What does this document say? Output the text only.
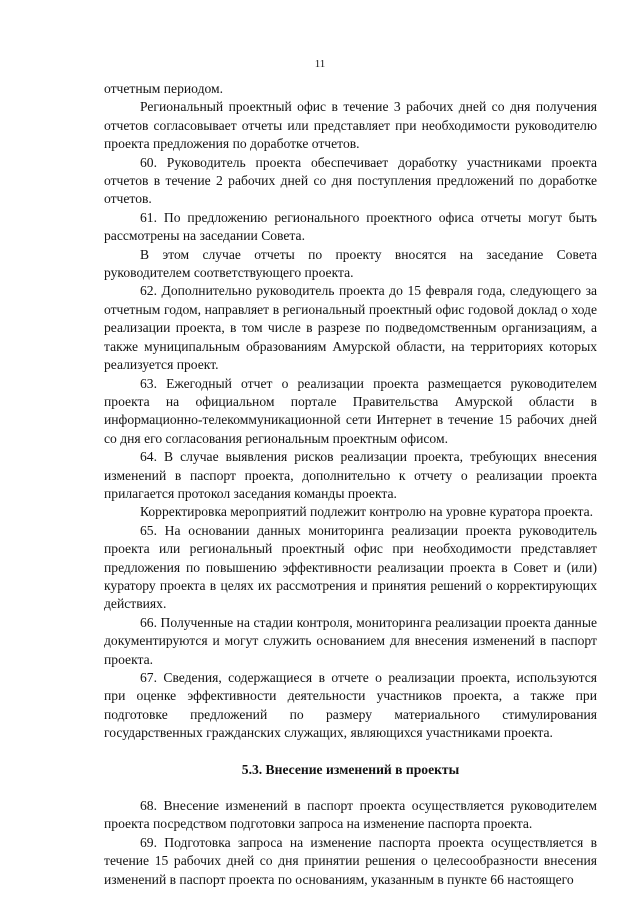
11

отчетным периодом.

Региональный проектный офис в течение 3 рабочих дней со дня получения отчетов согласовывает отчеты или представляет при необходимости руководителю проекта предложения по доработке отчетов.

60. Руководитель проекта обеспечивает доработку участниками проекта отчетов в течение 2 рабочих дней со дня поступления предложений по доработке отчетов.

61. По предложению регионального проектного офиса отчеты могут быть рассмотрены на заседании Совета.

В этом случае отчеты по проекту вносятся на заседание Совета руководителем соответствующего проекта.

62. Дополнительно руководитель проекта до 15 февраля года, следующего за отчетным годом, направляет в региональный проектный офис годовой доклад о ходе реализации проекта, в том числе в разрезе по подведомственным организациям, а также муниципальным образованиям Амурской области, на территориях которых реализуется проект.

63. Ежегодный отчет о реализации проекта размещается руководителем проекта на официальном портале Правительства Амурской области в информационно-телекоммуникационной сети Интернет в течение 15 рабочих дней со дня его согласования региональным проектным офисом.

64. В случае выявления рисков реализации проекта, требующих внесения изменений в паспорт проекта, дополнительно к отчету о реализации проекта прилагается протокол заседания команды проекта.

Корректировка мероприятий подлежит контролю на уровне куратора проекта.

65. На основании данных мониторинга реализации проекта руководитель проекта или региональный проектный офис при необходимости представляет предложения по повышению эффективности реализации проекта в Совет и (или) куратору проекта в целях их рассмотрения и принятия решений о корректирующих действиях.

66. Полученные на стадии контроля, мониторинга реализации проекта данные документируются и могут служить основанием для внесения изменений в паспорт проекта.

67. Сведения, содержащиеся в отчете о реализации проекта, используются при оценке эффективности деятельности участников проекта, а также при подготовке предложений по размеру материального стимулирования государственных гражданских служащих, являющихся участниками проекта.

5.3. Внесение изменений в проекты

68. Внесение изменений в паспорт проекта осуществляется руководителем проекта посредством подготовки запроса на изменение паспорта проекта.

69. Подготовка запроса на изменение паспорта проекта осуществляется в течение 15 рабочих дней со дня принятии решения о целесообразности внесения изменений в паспорт проекта по основаниям, указанным в пункте 66 настоящего
